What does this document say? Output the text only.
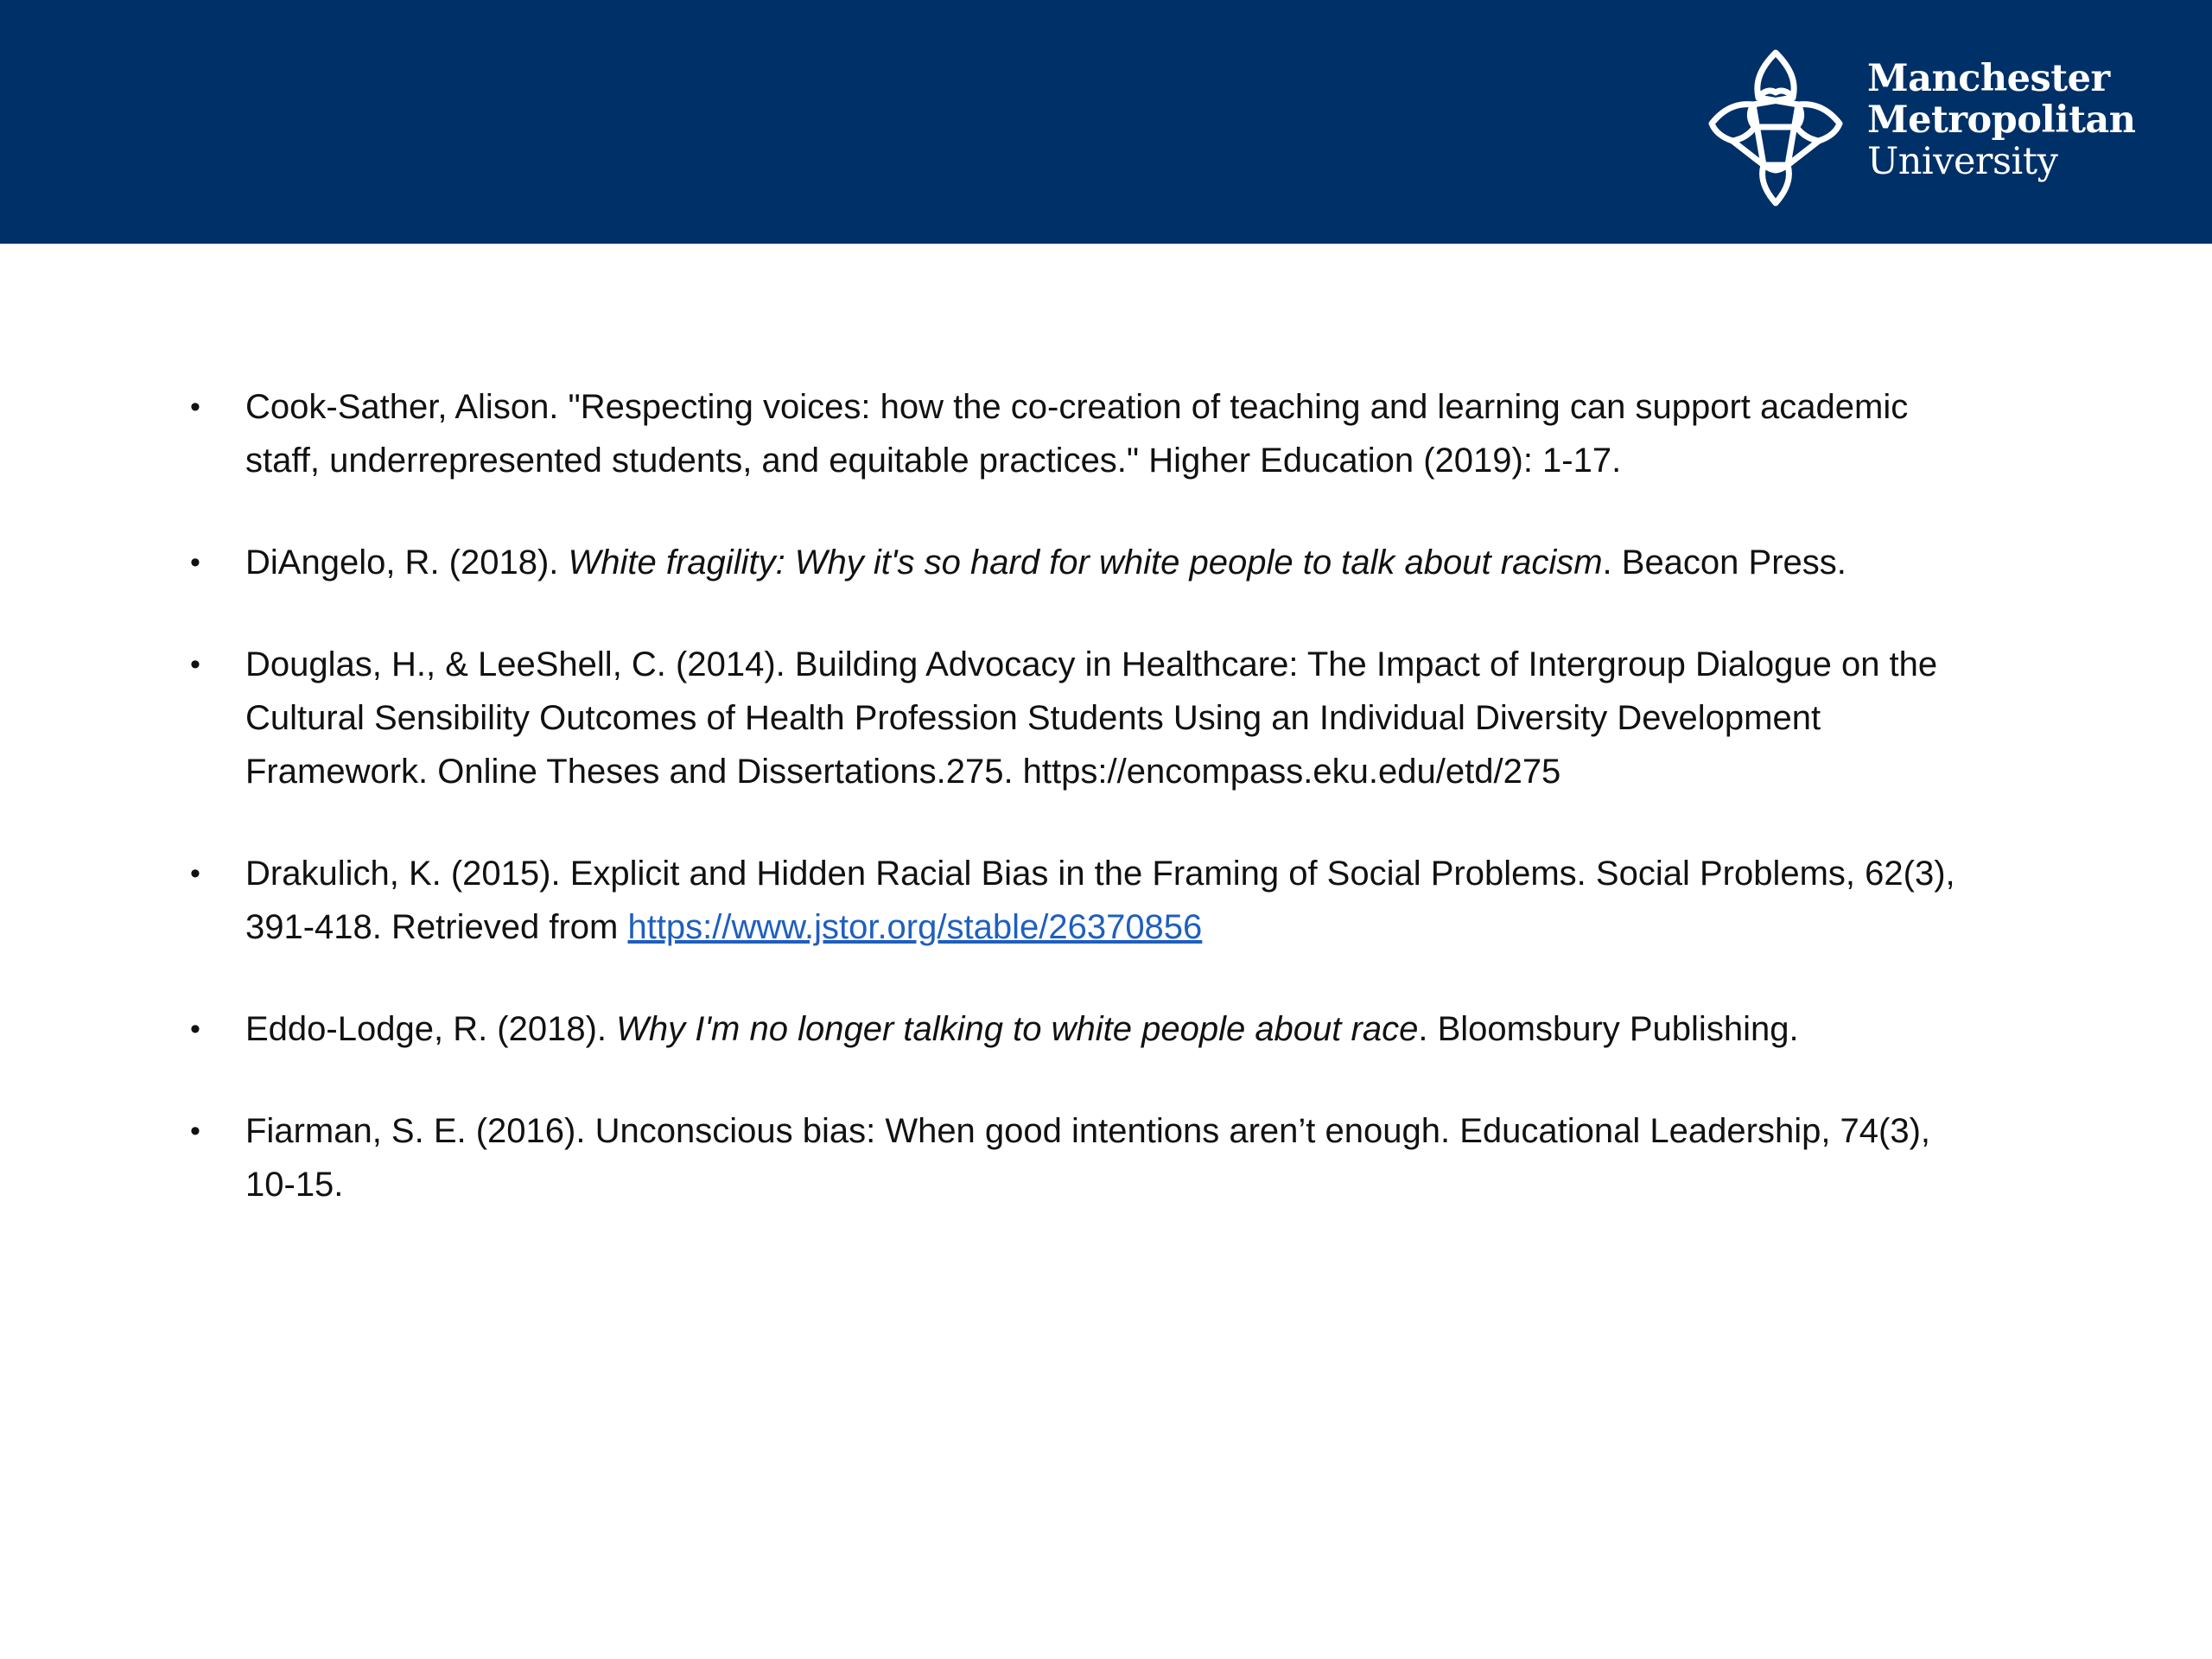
Manchester
Metropolitan
University
• Cook-Sather, Alison. "Respecting voices: how the co-creation of teaching and learning can support academic staff, underrepresented students, and equitable practices." Higher Education (2019): 1-17.
• DiAngelo, R. (2018). White fragility: Why it's so hard for white people to talk about racism. Beacon Press.
• Douglas, H., & LeeShell, C. (2014). Building Advocacy in Healthcare: The Impact of Intergroup Dialogue on the Cultural Sensibility Outcomes of Health Profession Students Using an Individual Diversity Development Framework. Online Theses and Dissertations.275. https://encompass.eku.edu/etd/275
• Drakulich, K. (2015). Explicit and Hidden Racial Bias in the Framing of Social Problems. Social Problems, 62(3), 391-418. Retrieved from https://www.jstor.org/stable/26370856
• Eddo-Lodge, R. (2018). Why I'm no longer talking to white people about race. Bloomsbury Publishing.
• Fiarman, S. E. (2016). Unconscious bias: When good intentions aren’t enough. Educational Leadership, 74(3), 10-15.
